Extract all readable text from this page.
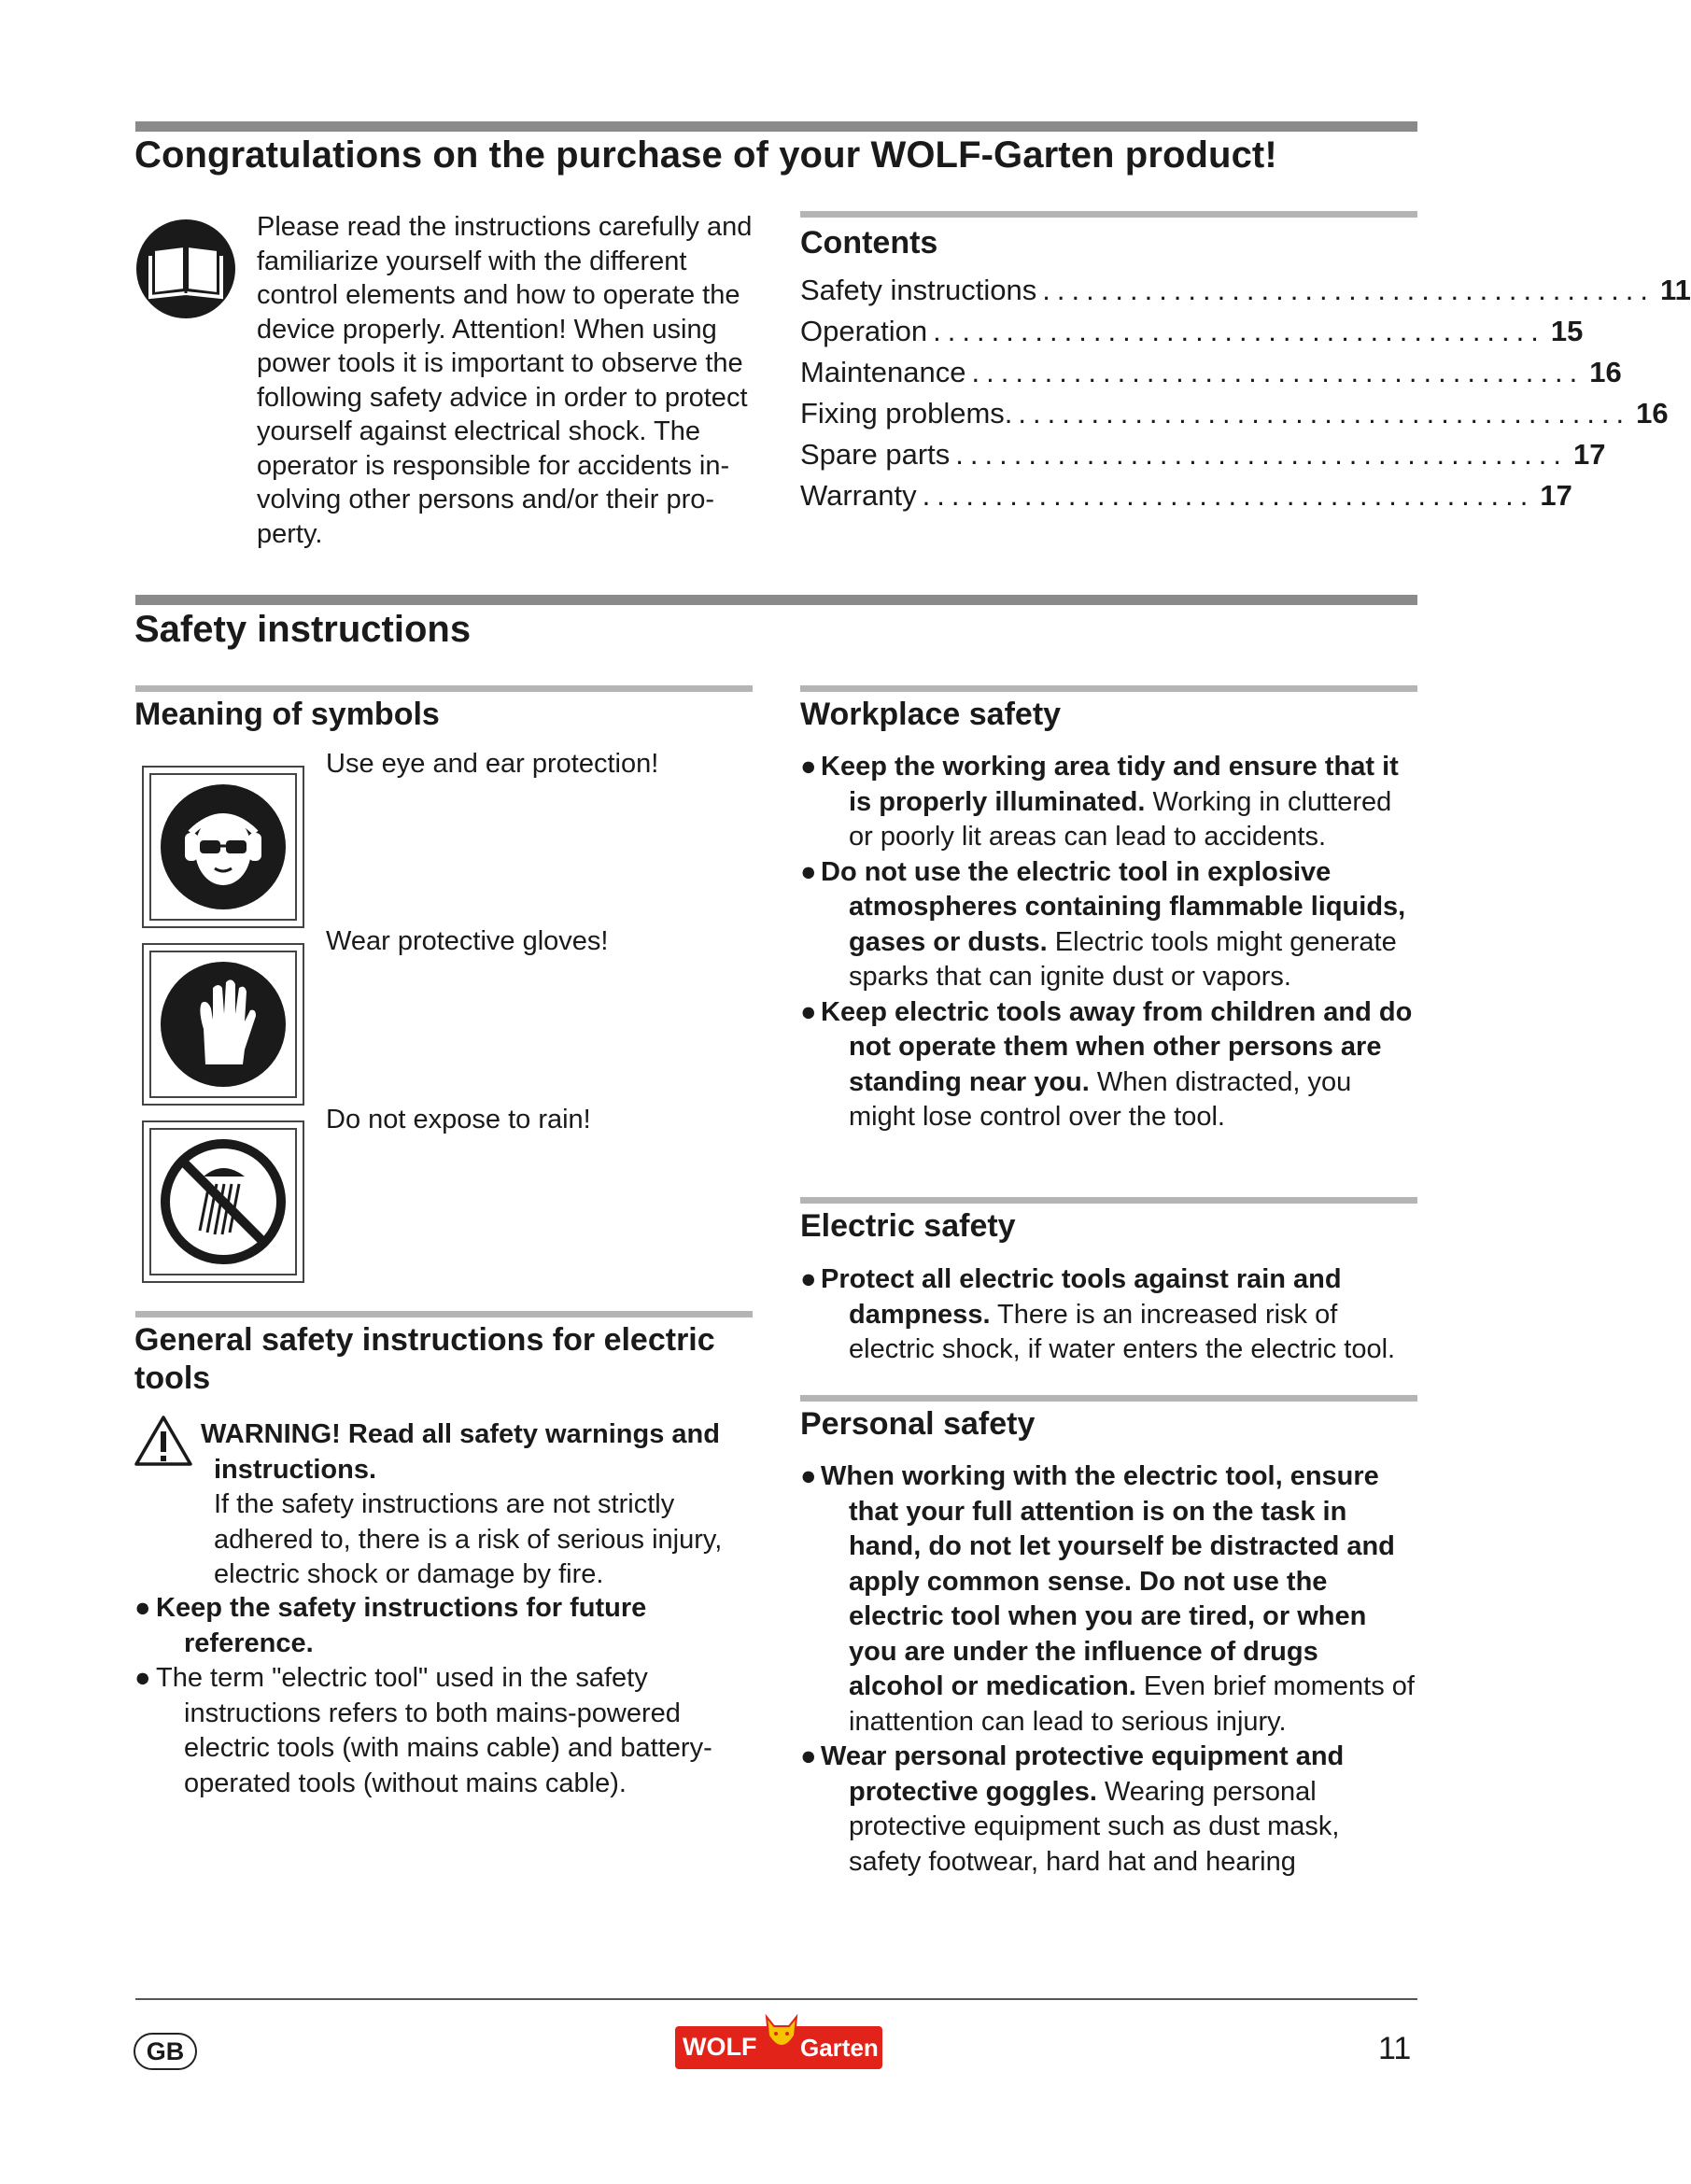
Congratulations on the purchase of your WOLF-Garten product!

Please read the instructions carefully and familiarize yourself with the different control elements and how to operate the device properly. Attention! When using power tools it is important to observe the following safety advice in order to protect yourself against electrical shock. The operator is responsible for accidents involving other persons and/or their property.

Contents
Safety instructions .......................................... 11
Operation .......................................... 15
Maintenance .......................................... 16
Fixing problems. .......................................... 16
Spare parts .......................................... 17
Warranty .......................................... 17
Safety instructions
Meaning of symbols
Use eye and ear protection!
Wear protective gloves!
Do not expose to rain!
General safety instructions for electric tools
WARNING! Read all safety warnings and instructions.
If the safety instructions are not strictly adhered to, there is a risk of serious injury, electric shock or damage by fire.
● Keep the safety instructions for future reference.
● The term "electric tool" used in the safety instructions refers to both mains-powered electric tools (with mains cable) and battery-operated tools (without mains cable).
Workplace safety
● Keep the working area tidy and ensure that it is properly illuminated. Working in cluttered or poorly lit areas can lead to accidents.
● Do not use the electric tool in explosive atmospheres containing flammable liquids, gases or dusts. Electric tools might generate sparks that can ignite dust or vapors.
● Keep electric tools away from children and do not operate them when other persons are standing near you. When distracted, you might lose control over the tool.
Electric safety
● Protect all electric tools against rain and dampness. There is an increased risk of electric shock, if water enters the electric tool.
Personal safety
● When working with the electric tool, ensure that your full attention is on the task in hand, do not let yourself be distracted and apply common sense. Do not use the electric tool when you are tired, or when you are under the influence of drugs alcohol or medication. Even brief moments of inattention can lead to serious injury.
● Wear personal protective equipment and protective goggles. Wearing personal protective equipment such as dust mask, safety footwear, hard hat and hearing
GB	WOLF Garten	11
